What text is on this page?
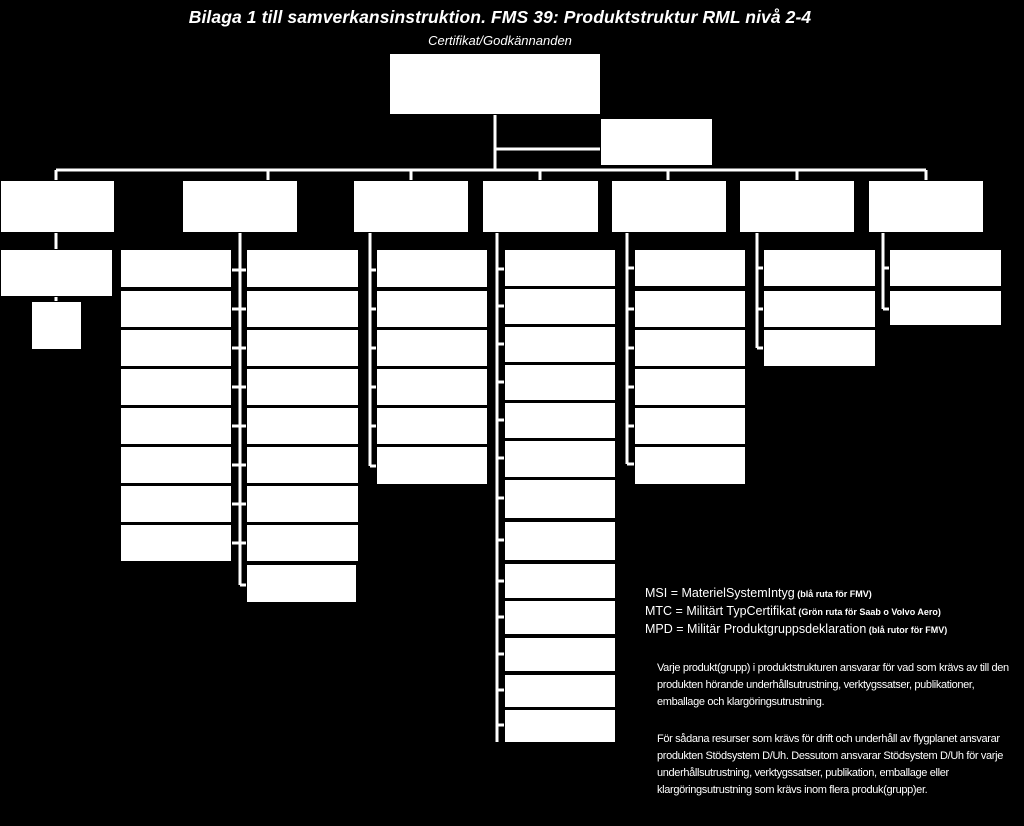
Bilaga 1 till samverkansinstruktion. FMS 39: Produktstruktur RML nivå 2-4
Certifikat/Godkännanden
MSI = MaterielSystemIntyg (blå ruta för FMV)
MTC = Militärt TypCertifikat (Grön ruta för Saab o Volvo Aero)
MPD = Militär Produktgruppsdeklaration (blå rutor för FMV)
Varje produkt(grupp) i produktstrukturen ansvarar för vad som krävs av till den produkten hörande underhållsutrustning, verktygssatser, publikationer, emballage och klargöringsutrustning.
För sådana resurser som krävs för drift och underhåll av flygplanet ansvarar produkten Stödsystem D/Uh. Dessutom ansvarar Stödsystem D/Uh för varje underhållsutrustning, verktygssatser, publikation, emballage eller klargöringsutrustning som krävs inom flera produk(grupp)er.
